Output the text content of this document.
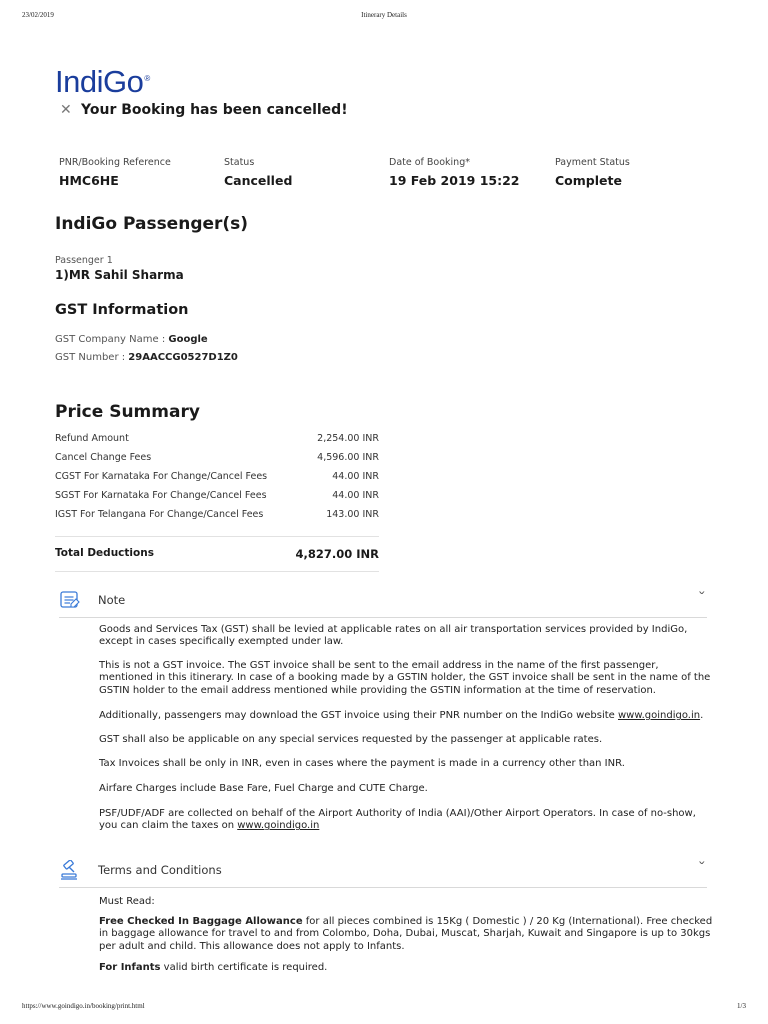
23/02/2019	Itinerary Details
IndiGo®
✕ Your Booking has been cancelled!
PNR/Booking Reference
HMC6HE
Status
Cancelled
Date of Booking*
19 Feb 2019 15:22
Payment Status
Complete
IndiGo Passenger(s)
Passenger 1
1)MR Sahil Sharma
GST Information
GST Company Name : Google
GST Number : 29AACCG0527D1Z0
Price Summary
Refund Amount	2,254.00 INR
Cancel Change Fees	4,596.00 INR
CGST For Karnataka For Change/Cancel Fees	44.00 INR
SGST For Karnataka For Change/Cancel Fees	44.00 INR
IGST For Telangana For Change/Cancel Fees	143.00 INR
Total Deductions	4,827.00 INR
Note	˅
Goods and Services Tax (GST) shall be levied at applicable rates on all air transportation services provided by IndiGo, except in cases specifically exempted under law.
This is not a GST invoice. The GST invoice shall be sent to the email address in the name of the first passenger, mentioned in this itinerary. In case of a booking made by a GSTIN holder, the GST invoice shall be sent in the name of the GSTIN holder to the email address mentioned while providing the GSTIN information at the time of reservation.
Additionally, passengers may download the GST invoice using their PNR number on the IndiGo website www.goindigo.in.
GST shall also be applicable on any special services requested by the passenger at applicable rates.
Tax Invoices shall be only in INR, even in cases where the payment is made in a currency other than INR.
Airfare Charges include Base Fare, Fuel Charge and CUTE Charge.
PSF/UDF/ADF are collected on behalf of the Airport Authority of India (AAI)/Other Airport Operators. In case of no-show, you can claim the taxes on www.goindigo.in
Terms and Conditions	˅
Must Read:
Free Checked In Baggage Allowance for all pieces combined is 15Kg ( Domestic ) / 20 Kg (International). Free checked in baggage allowance for travel to and from Colombo, Doha, Dubai, Muscat, Sharjah, Kuwait and Singapore is up to 30kgs per adult and child. This allowance does not apply to Infants.
For Infants valid birth certificate is required.
https://www.goindigo.in/booking/print.html	1/3
